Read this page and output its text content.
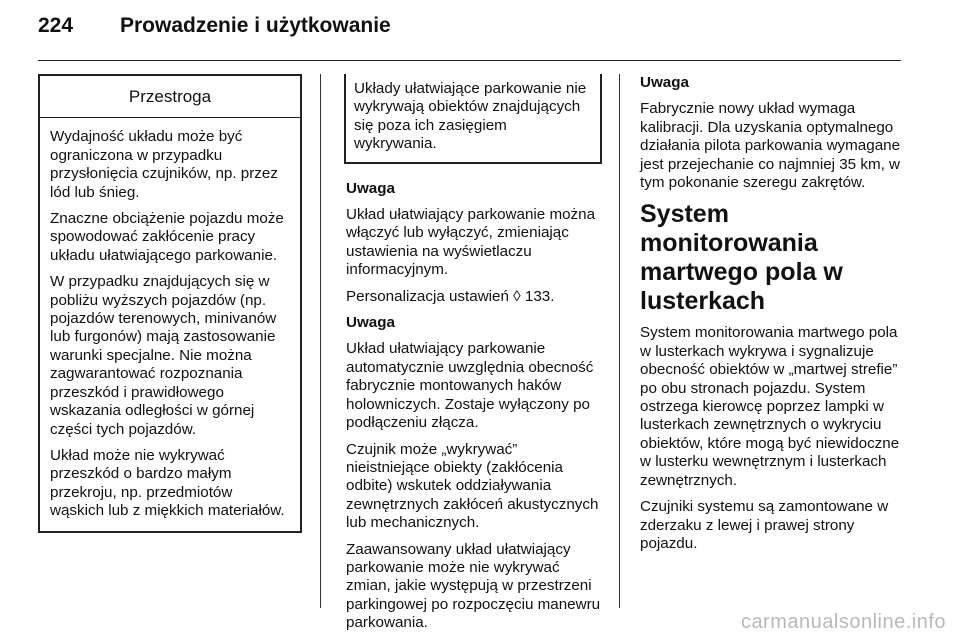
224 Prowadzenie i użytkowanie
Przestroga

Wydajność układu może być ograniczona w przypadku przysłonięcia czujników, np. przez lód lub śnieg.

Znaczne obciążenie pojazdu może spowodować zakłócenie pracy układu ułatwiającego parkowanie.

W przypadku znajdujących się w pobliżu wyższych pojazdów (np. pojazdów terenowych, minivanów lub furgonów) mają zastosowanie warunki specjalne. Nie można zagwarantować rozpoznania przeszkód i prawidłowego wskazania odległości w górnej części tych pojazdów.

Układ może nie wykrywać przeszkód o bardzo małym przekroju, np. przedmiotów wąskich lub z miękkich materiałów.

Układy ułatwiające parkowanie nie wykrywają obiektów znajdujących się poza ich zasięgiem wykrywania.

Uwaga

Układ ułatwiający parkowanie można włączyć lub wyłączyć, zmieniając ustawienia na wyświetlaczu informacyjnym.

Personalizacja ustawień ◊ 133.

Uwaga

Układ ułatwiający parkowanie automatycznie uwzględnia obecność fabrycznie montowanych haków holowniczych. Zostaje wyłączony po podłączeniu złącza.

Czujnik może „wykrywać” nieistniejące obiekty (zakłócenia odbite) wskutek oddziaływania zewnętrznych zakłóceń akustycznych lub mechanicznych.

Zaawansowany układ ułatwiający parkowanie może nie wykrywać zmian, jakie występują w przestrzeni parkingowej po rozpoczęciu manewru parkowania.

Uwaga

Fabrycznie nowy układ wymaga kalibracji. Dla uzyskania optymalnego działania pilota parkowania wymagane jest przejechanie co najmniej 35 km, w tym pokonanie szeregu zakrętów.

System monitorowania martwego pola w lusterkach

System monitorowania martwego pola w lusterkach wykrywa i sygnalizuje obecność obiektów w „martwej strefie” po obu stronach pojazdu. System ostrzega kierowcę poprzez lampki w lusterkach zewnętrznych o wykryciu obiektów, które mogą być niewidoczne w lusterku wewnętrznym i lusterkach zewnętrznych.

Czujniki systemu są zamontowane w zderzaku z lewej i prawej strony pojazdu.

carmanualsonline.info
